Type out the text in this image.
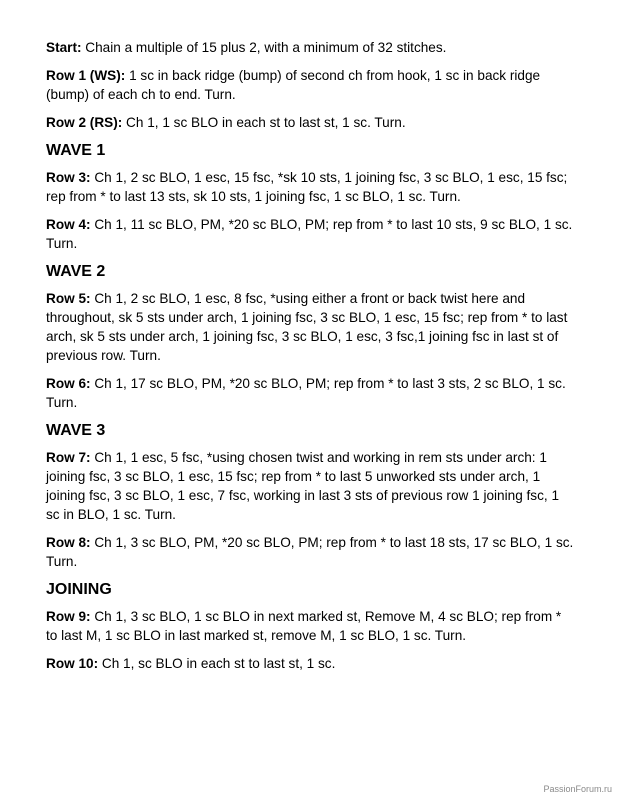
Start: Chain a multiple of 15 plus 2, with a minimum of 32 stitches.

Row 1 (WS): 1 sc in back ridge (bump) of second ch from hook, 1 sc in back ridge (bump) of each ch to end. Turn.

Row 2 (RS): Ch 1, 1 sc BLO in each st to last st, 1 sc. Turn.

WAVE 1

Row 3: Ch 1, 2 sc BLO, 1 esc, 15 fsc, *sk 10 sts, 1 joining fsc, 3 sc BLO, 1 esc, 15 fsc; rep from * to last 13 sts, sk 10 sts, 1 joining fsc, 1 sc BLO, 1 sc. Turn.

Row 4: Ch 1, 11 sc BLO, PM, *20 sc BLO, PM; rep from * to last 10 sts, 9 sc BLO, 1 sc. Turn.

WAVE 2

Row 5: Ch 1, 2 sc BLO, 1 esc, 8 fsc, *using either a front or back twist here and throughout, sk 5 sts under arch, 1 joining fsc, 3 sc BLO, 1 esc, 15 fsc; rep from * to last arch, sk 5 sts under arch, 1 joining fsc, 3 sc BLO, 1 esc, 3 fsc,1 joining fsc in last st of previous row. Turn.

Row 6: Ch 1, 17 sc BLO, PM, *20 sc BLO, PM; rep from * to last 3 sts, 2 sc BLO, 1 sc. Turn.

WAVE 3

Row 7: Ch 1, 1 esc, 5 fsc, *using chosen twist and working in rem sts under arch: 1 joining fsc, 3 sc BLO, 1 esc, 15 fsc; rep from * to last 5 unworked sts under arch, 1 joining fsc, 3 sc BLO, 1 esc, 7 fsc, working in last 3 sts of previous row 1 joining fsc, 1 sc in BLO, 1 sc. Turn.

Row 8: Ch 1, 3 sc BLO, PM, *20 sc BLO, PM; rep from * to last 18 sts, 17 sc BLO, 1 sc. Turn.

JOINING

Row 9: Ch 1, 3 sc BLO, 1 sc BLO in next marked st, Remove M, 4 sc BLO; rep from * to last M, 1 sc BLO in last marked st, remove M, 1 sc BLO, 1 sc. Turn.

Row 10: Ch 1, sc BLO in each st to last st, 1 sc.

PassionForum.ru
